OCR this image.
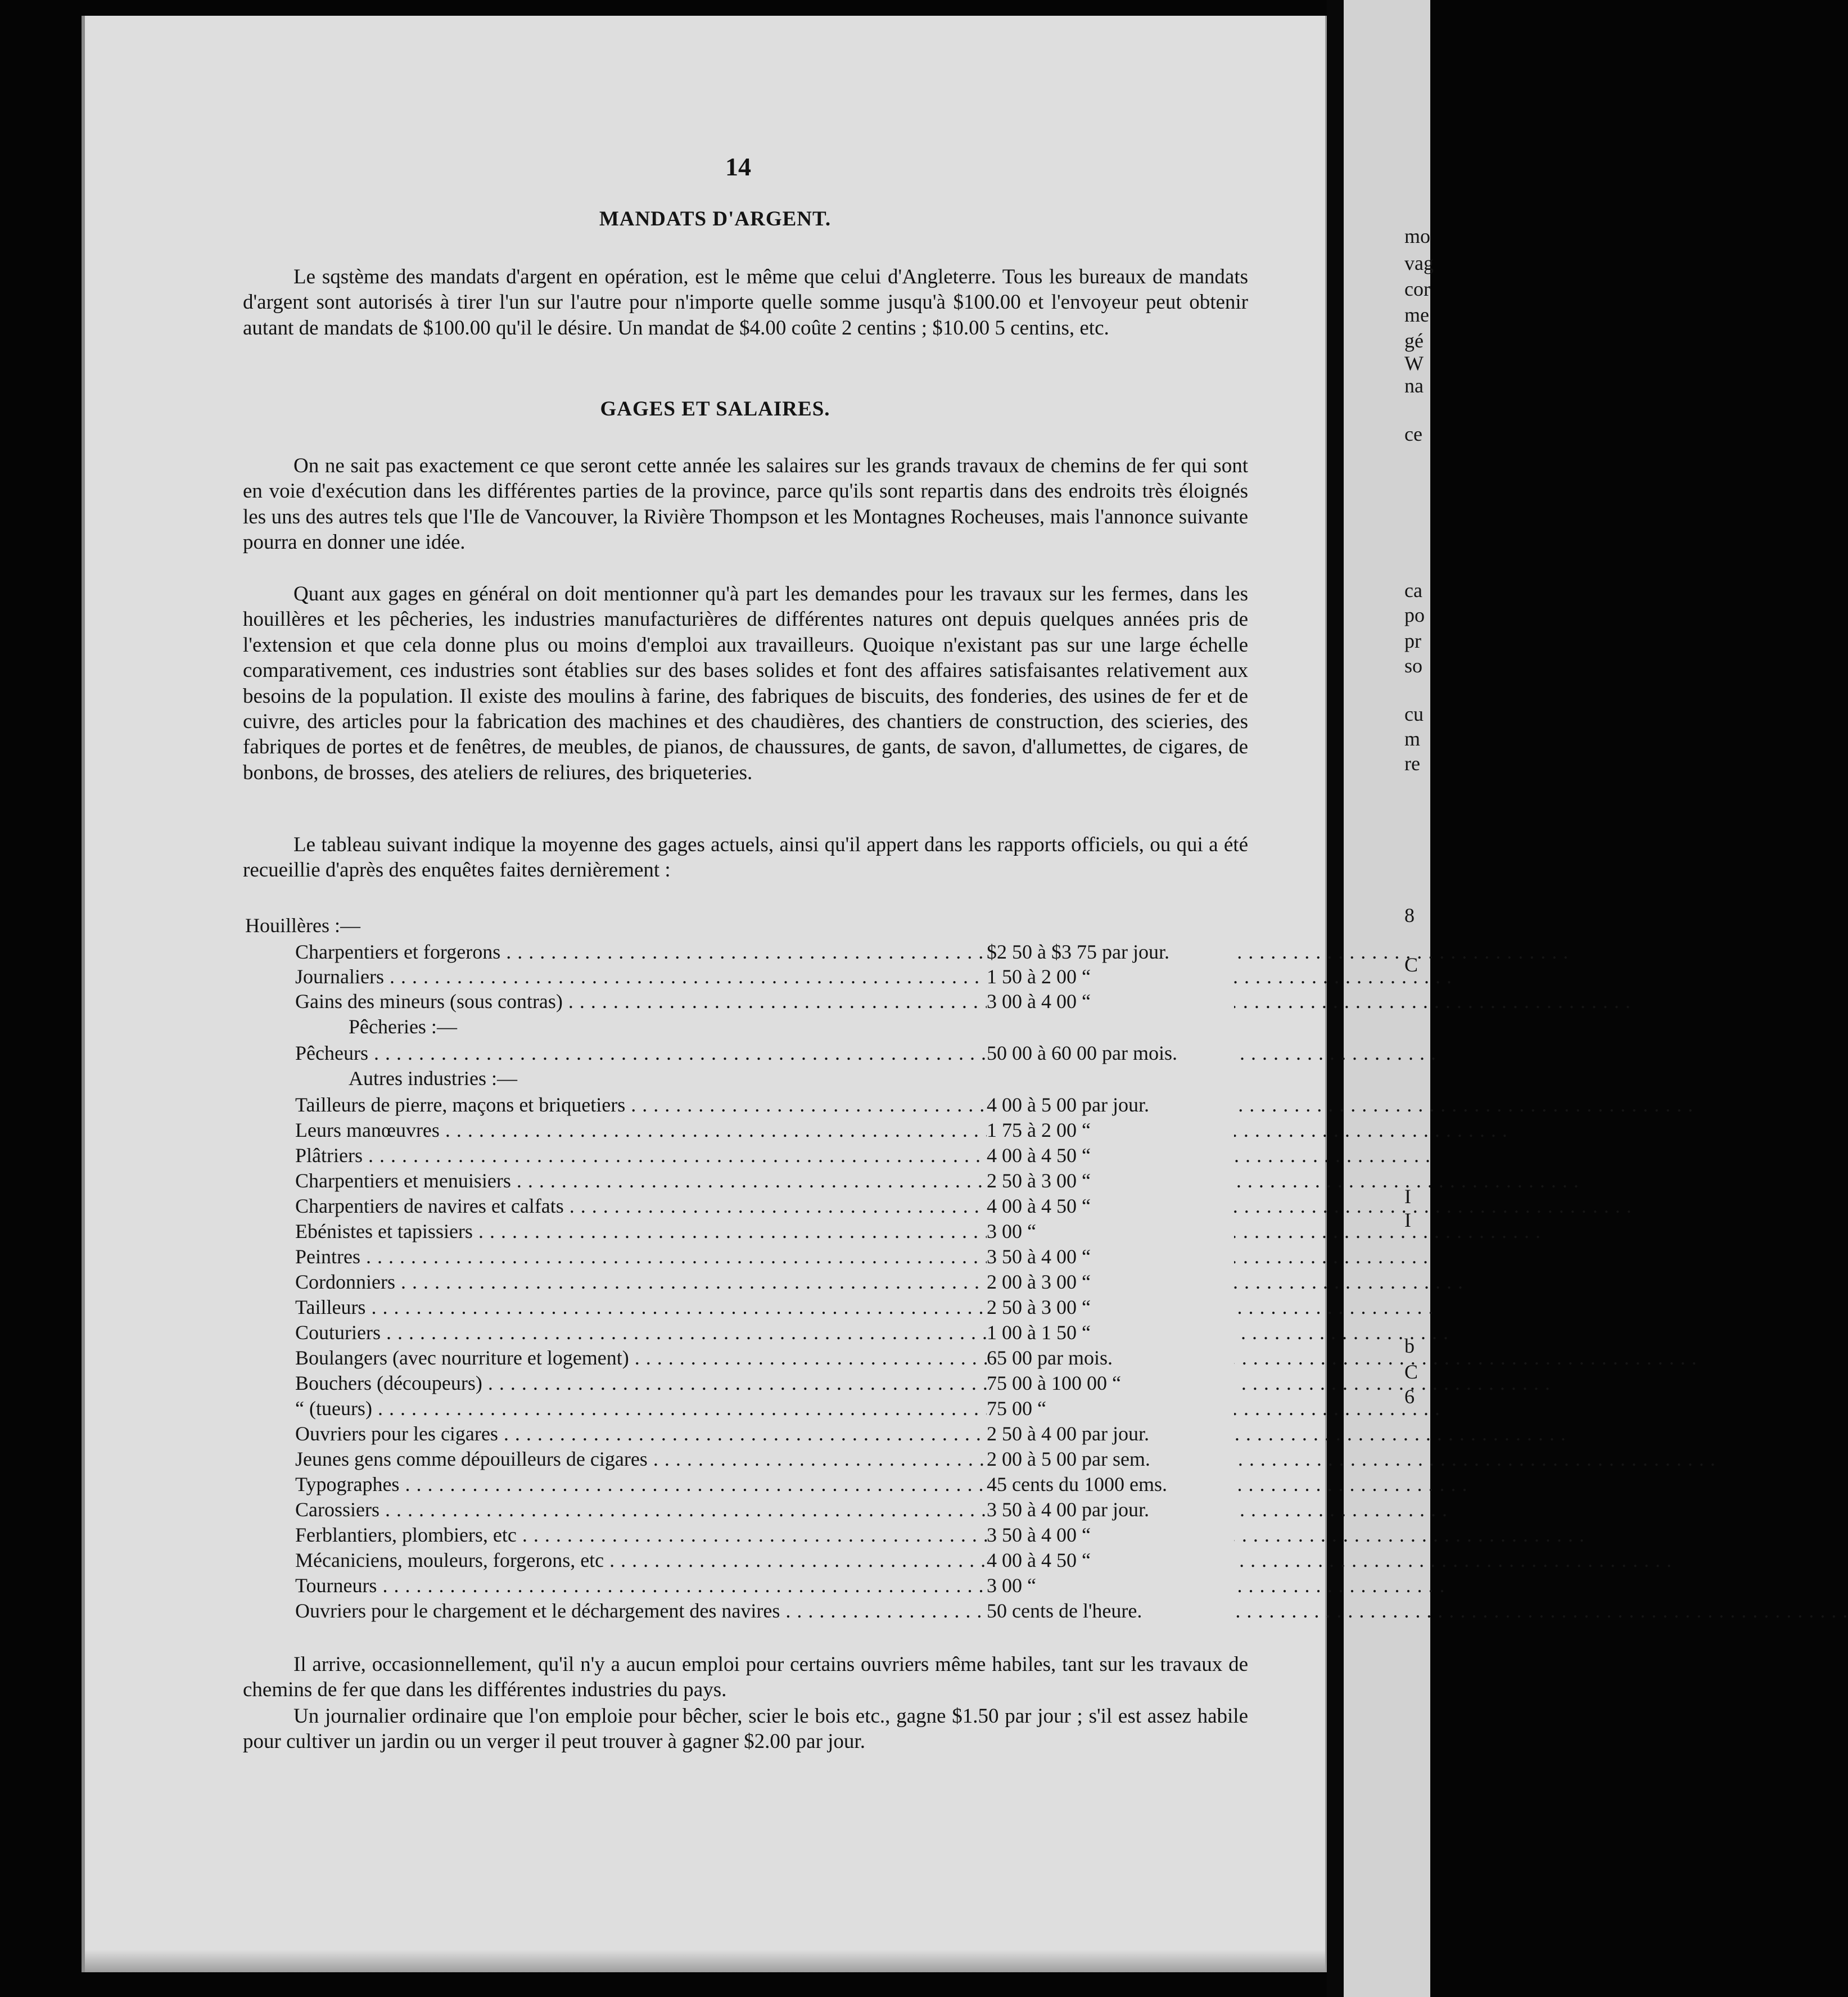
mo
vag
cor
me
gé
W
na
ce
ca
po
pr
so
cu
m
re
8
C
I
I
b
C
6
14
MANDATS D'ARGENT.

Le sqstème des mandats d'argent en opération, est le même que celui d'Angleterre. Tous les bureaux de mandats d'argent sont autorisés à tirer l'un sur l'autre pour n'importe quelle somme jusqu'à $100.00 et l'envoyeur peut obtenir autant de mandats de $100.00 qu'il le désire. Un mandat de $4.00 coûte 2 centins ; $10.00 5 centins, etc.

GAGES ET SALAIRES.

On ne sait pas exactement ce que seront cette année les salaires sur les grands travaux de chemins de fer qui sont en voie d'exécution dans les différentes parties de la province, parce qu'ils sont repartis dans des endroits très éloignés les uns des autres tels que l'Ile de Vancouver, la Rivière Thompson et les Montagnes Rocheuses, mais l'annonce suivante pourra en donner une idée.

Quant aux gages en général on doit mentionner qu'à part les demandes pour les travaux sur les fermes, dans les houillères et les pêcheries, les industries manufacturières de différentes natures ont depuis quelques années pris de l'extension et que cela donne plus ou moins d'emploi aux travailleurs. Quoique n'existant pas sur une large échelle comparativement, ces industries sont établies sur des bases solides et font des affaires satisfaisantes relativement aux besoins de la population. Il existe des moulins à farine, des fabriques de biscuits, des fonderies, des usines de fer et de cuivre, des articles pour la fabrication des machines et des chaudières, des chantiers de construction, des scieries, des fabriques de portes et de fenêtres, de meubles, de pianos, de chaussures, de gants, de savon, d'allumettes, de cigares, de bonbons, de brosses, des ateliers de reliures, des briqueteries.

Le tableau suivant indique la moyenne des gages actuels, ainsi qu'il appert dans les rapports officiels, ou qui a été recueillie d'après des enquêtes faites dernièrement :

Houillères :—
Charpentiers et forgerons . . .	$2 50 à $3 75 par jour.
Journaliers . . .	1 50 à 2 00 “
Gains des mineurs (sous contras) . . .	3 00 à 4 00 “
Pêcheries :—
Pêcheurs . . .	50 00 à 60 00 par mois.
Autres industries :—
Tailleurs de pierre, maçons et briquetiers . . .	4 00 à 5 00 par jour.
Leurs manœuvres . . .	1 75 à 2 00 “
Plâtriers . . .	4 00 à 4 50 “
Charpentiers et menuisiers . . .	2 50 à 3 00 “
Charpentiers de navires et calfats . . .	4 00 à 4 50 “
Ebénistes et tapissiers . . .	3 00 “
Peintres . . .	3 50 à 4 00 “
Cordonniers . . .	2 00 à 3 00 “
Tailleurs . . .	2 50 à 3 00 “
Couturiers . . .	1 00 à 1 50 “
Boulangers (avec nourriture et logement) . . .	65 00 par mois.
Bouchers (découpeurs) . . .	75 00 à 100 00 “
“ (tueurs) . . .	75 00 “
Ouvriers pour les cigares . . .	2 50 à 4 00 par jour.
Jeunes gens comme dépouilleurs de cigares . . .	2 00 à 5 00 par sem.
Typographes . . .	45 cents du 1000 ems.
Carossiers . . .	3 50 à 4 00 par jour.
Ferblantiers, plombiers, etc . . .	3 50 à 4 00 “
Mécaniciens, mouleurs, forgerons, etc . . .	4 00 à 4 50 “
Tourneurs . . .	3 00 “
Ouvriers pour le chargement et le déchargement des navires . . .	50 cents de l'heure.

Il arrive, occasionnellement, qu'il n'y a aucun emploi pour certains ouvriers même habiles, tant sur les travaux de chemins de fer que dans les différentes industries du pays.

Un journalier ordinaire que l'on emploie pour bêcher, scier le bois etc., gagne $1.50 par jour ; s'il est assez habile pour cultiver un jardin ou un verger il peut trouver à gagner $2.00 par jour.
